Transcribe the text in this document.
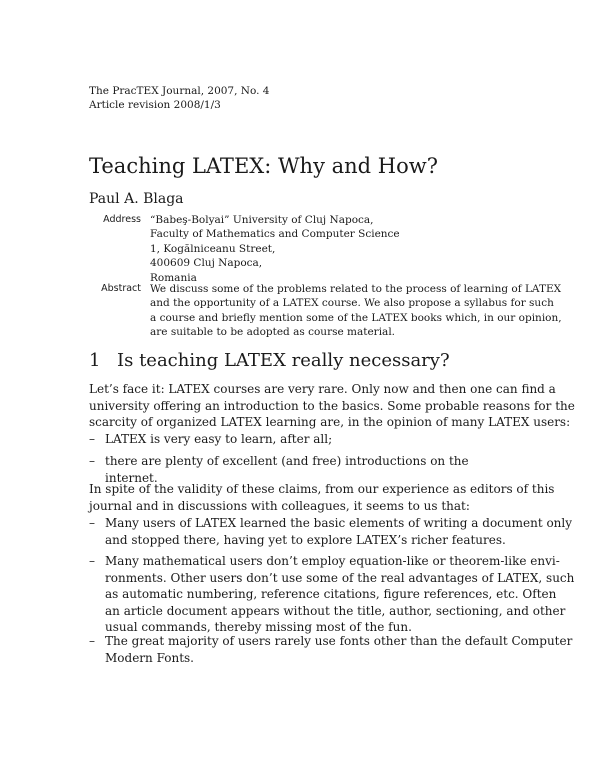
The PracTEX Journal, 2007, No. 4
Article revision 2008/1/3
Teaching LATEX: Why and How?
Paul A. Blaga
Address “Babeş-Bolyai” University of Cluj Napoca,
Faculty of Mathematics and Computer Science
1, Kogălniceanu Street,
400609 Cluj Napoca,
Romania
Abstract We discuss some of the problems related to the process of learning of LATEX
and the opportunity of a LATEX course. We also propose a syllabus for such
a course and briefly mention some of the LATEX books which, in our opinion,
are suitable to be adopted as course material.
1 Is teaching LATEX really necessary?
Let’s face it: LATEX courses are very rare. Only now and then one can find a
university offering an introduction to the basics. Some probable reasons for the
scarcity of organized LATEX learning are, in the opinion of many LATEX users:
– LATEX is very easy to learn, after all;
– there are plenty of excellent (and free) introductions on the internet.
In spite of the validity of these claims, from our experience as editors of this
journal and in discussions with colleagues, it seems to us that:
– Many users of LATEX learned the basic elements of writing a document only
and stopped there, having yet to explore LATEX’s richer features.
– Many mathematical users don’t employ equation-like or theorem-like envi-
ronments. Other users don’t use some of the real advantages of LATEX, such
as automatic numbering, reference citations, figure references, etc. Often
an article document appears without the title, author, sectioning, and other
usual commands, thereby missing most of the fun.
– The great majority of users rarely use fonts other than the default Computer
Modern Fonts.
